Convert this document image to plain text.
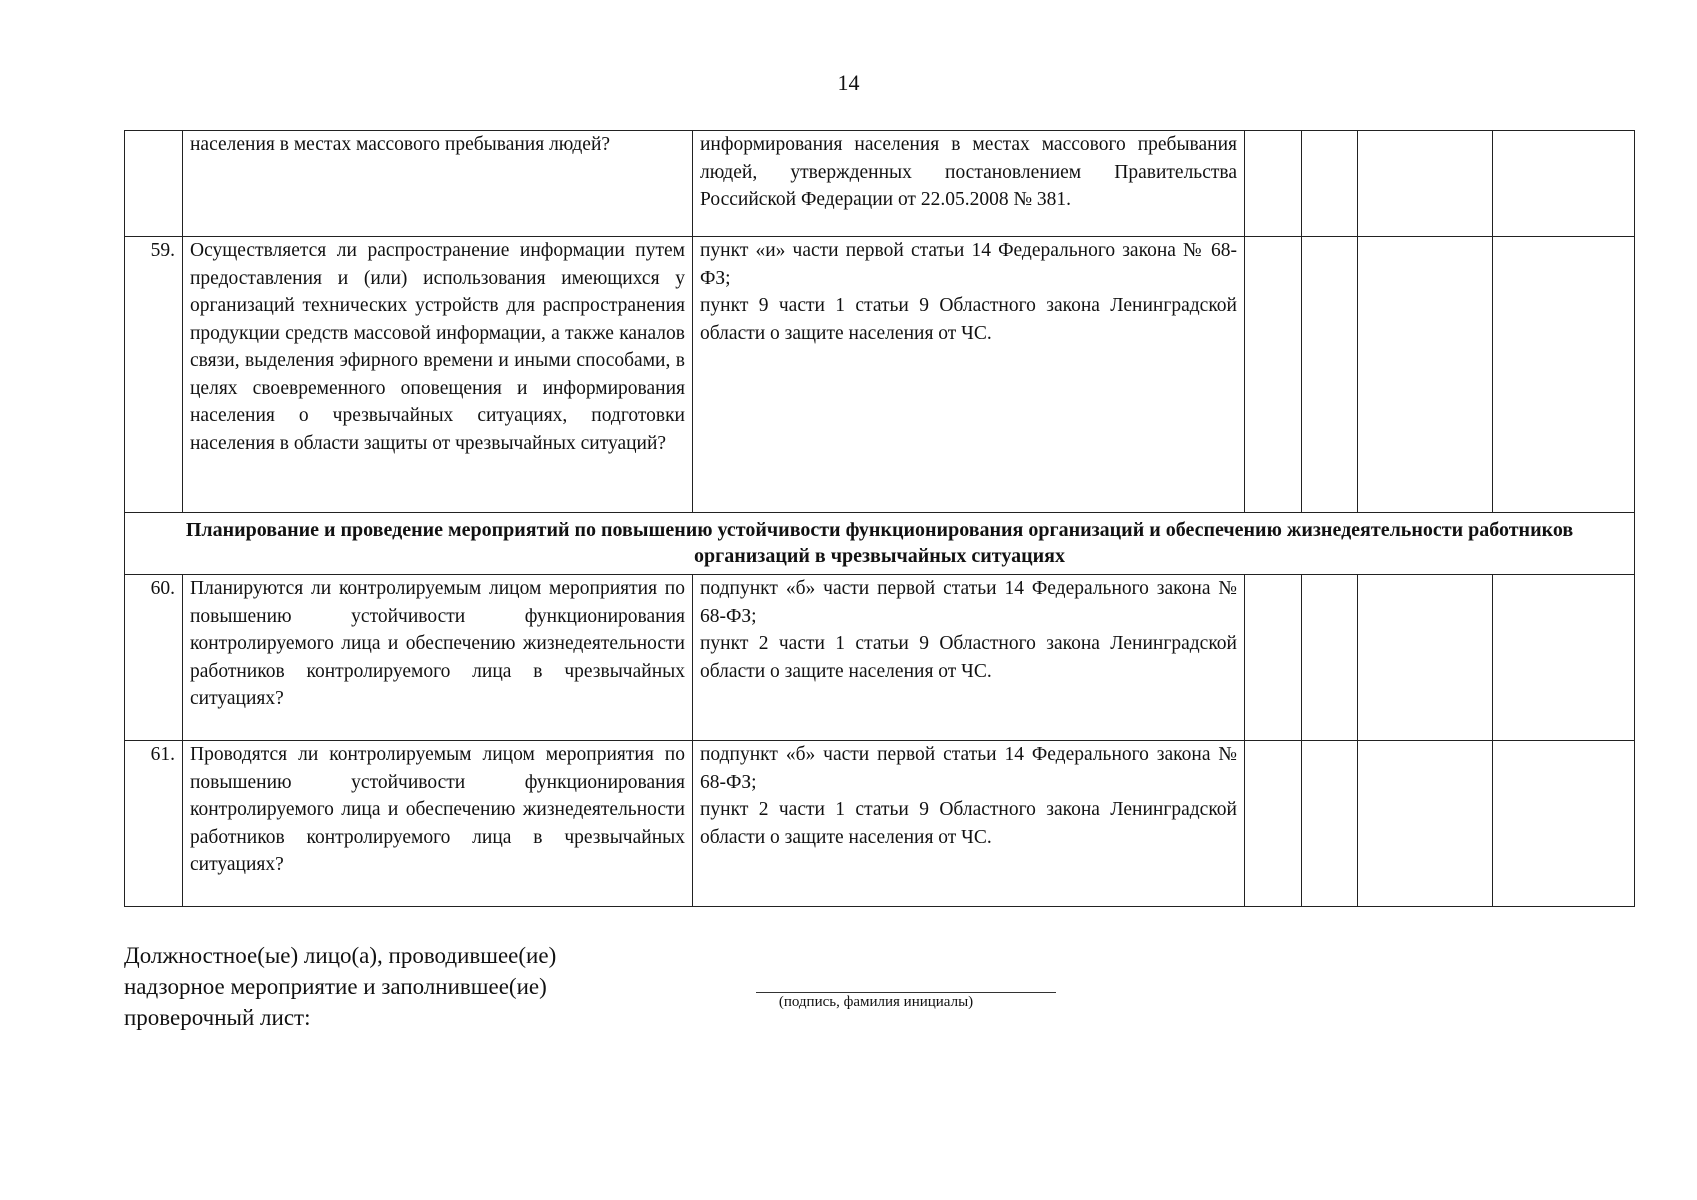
14
	населения в местах массового пребывания людей?	информирования населения в местах массового пребывания людей, утвержденных постановлением Правительства Российской Федерации от 22.05.2008 № 381.				

59.	Осуществляется ли распространение информации путем предоставления и (или) использования имеющихся у организаций технических устройств для распространения продукции средств массовой информации, а также каналов связи, выделения эфирного времени и иными способами, в целях своевременного оповещения и информирования населения о чрезвычайных ситуациях, подготовки населения в области защиты от чрезвычайных ситуаций?	пункт «и» части первой статьи 14 Федерального закона № 68-ФЗ;
пункт 9 части 1 статьи 9 Областного закона Ленинградской области о защите населения от ЧС.				

Планирование и проведение мероприятий по повышению устойчивости функционирования организаций и обеспечению жизнедеятельности работников организаций в чрезвычайных ситуациях						
60.	Планируются ли контролируемым лицом мероприятия по повышению устойчивости функционирования контролируемого лица и обеспечению жизнедеятельности работников контролируемого лица в чрезвычайных ситуациях?	подпункт «б» части первой статьи 14 Федерального закона № 68-ФЗ;
пункт 2 части 1 статьи 9 Областного закона Ленинградской области о защите населения от ЧС.				

61.	Проводятся ли контролируемым лицом мероприятия по повышению устойчивости функционирования контролируемого лица и обеспечению жизнедеятельности работников контролируемого лица в чрезвычайных ситуациях?	подпункт «б» части первой статьи 14 Федерального закона № 68-ФЗ;
пункт 2 части 1 статьи 9 Областного закона Ленинградской области о защите населения от ЧС.				

Должностное(ые) лицо(а), проводившее(ие)
надзорное мероприятие и заполнившее(ие)
проверочный лист:
(подпись, фамилия инициалы)
